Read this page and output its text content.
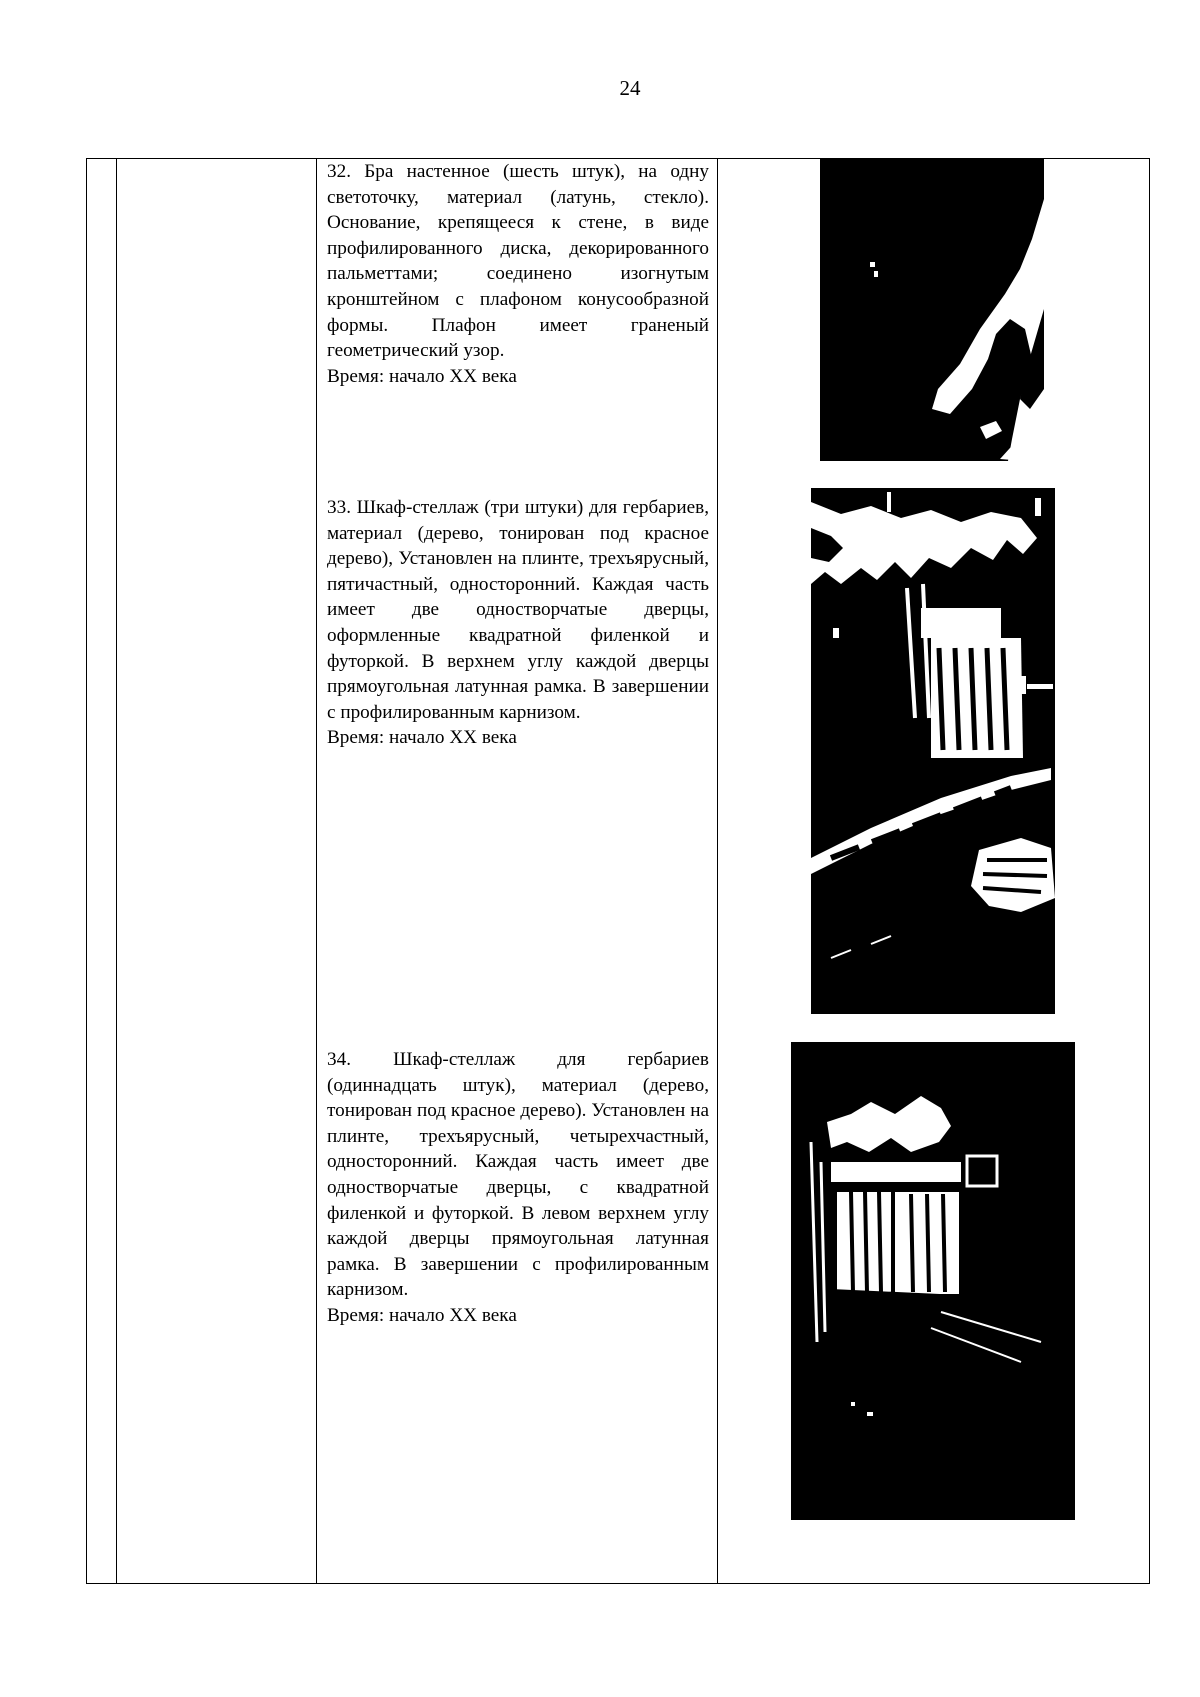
24

32. Бра настенное (шесть штук), на одну светоточку, материал (латунь, стекло). Основание, крепящееся к стене, в виде профилированного диска, декорированного пальметтами; соединено изогнутым кронштейном с плафоном конусообразной формы. Плафон имеет граненый геометрический узор.

Время: начало XX века

33. Шкаф-стеллаж (три штуки) для гербариев, материал (дерево, тонирован под красное дерево), Установлен на плинте, трехъярусный, пятичастный, односторонний. Каждая часть имеет две одностворчатые дверцы, оформленные квадратной филенкой и футоркой. В верхнем углу каждой дверцы прямоугольная латунная рамка. В завершении с профилированным карнизом.

Время: начало XX века

34. Шкаф-стеллаж для гербариев (одиннадцать штук), материал (дерево, тонирован под красное дерево). Установлен на плинте, трехъярусный, четырехчастный, односторонний. Каждая часть имеет две одностворчатые дверцы, с квадратной филенкой и футоркой. В левом верхнем углу каждой дверцы прямоугольная латунная рамка. В завершении с профилированным карнизом.

Время: начало XX века
